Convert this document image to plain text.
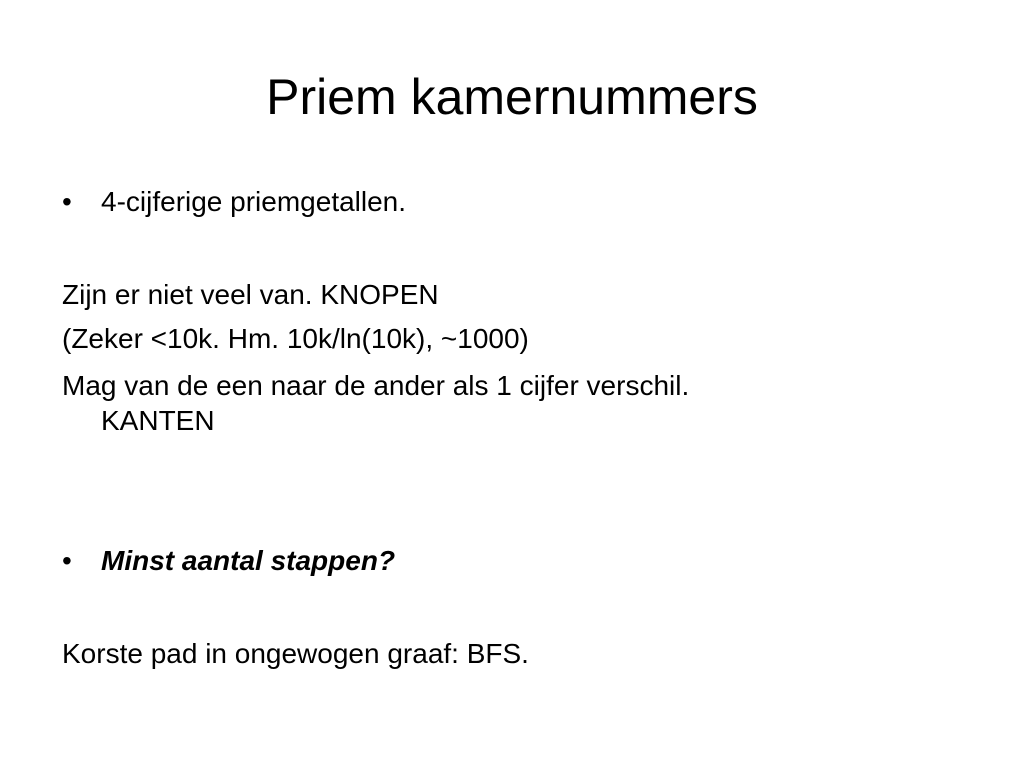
Priem kamernummers
• 4-cijferige priemgetallen.
Zijn er niet veel van. KNOPEN
(Zeker <10k. Hm. 10k/ln(10k), ~1000)
Mag van de een naar de ander als 1 cijfer verschil.
KANTEN
• Minst aantal stappen?
Korste pad in ongewogen graaf: BFS.
